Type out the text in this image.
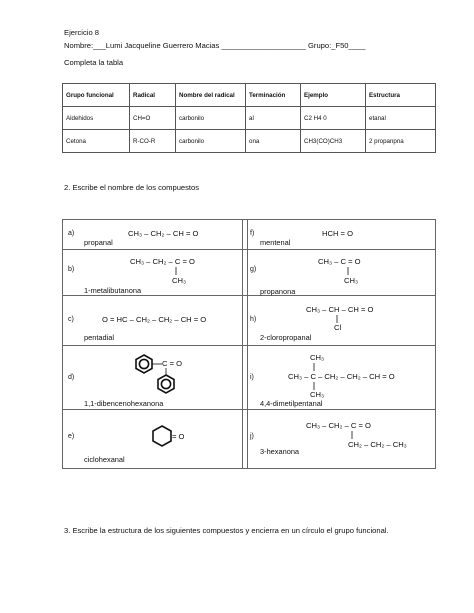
Ejercicio 8
Nombre:___Lumi Jacqueline Guerrero Macias ____________________ Grupo:_F50____
Completa la tabla
Grupo funcional	Radical	Nombre del radical	Terminación	Ejemplo	Estructura
Aldehidos	CH=O	carbonilo	al	C2 H4 0	etanal
Cetona	R-CO-R	carbonilo	ona	CH3(CO)CH3	2 propanpna
2. Escribe el nombre de los compuestos
a)	CH₃ – CH₂ – CH = O
propanal
f)	HCH = O
mentenal
b)
CH₃ – CH₂ – C = O
CH₃
1-metalibutanona
g)
CH₃ – C = O
CH₃
propanona
c)	O = HC – CH₂ – CH₂ – CH = O
pentadial
h)
CH₃ – CH – CH = O
Cl
2-cloropropanal
d)
C = O
1,1-dibencenohexanona
i)
CH₃
CH₃ – C – CH₂ – CH₂ – CH = O
CH₃
4,4-dimetilpentanal
e)	= O
ciclohexanal
j)
CH₃ – CH₂ – C = O
CH₂ – CH₂ – CH₃
3-hexanona
3. Escribe la estructura de los siguientes compuestos y encierra en un círculo el grupo funcional.
